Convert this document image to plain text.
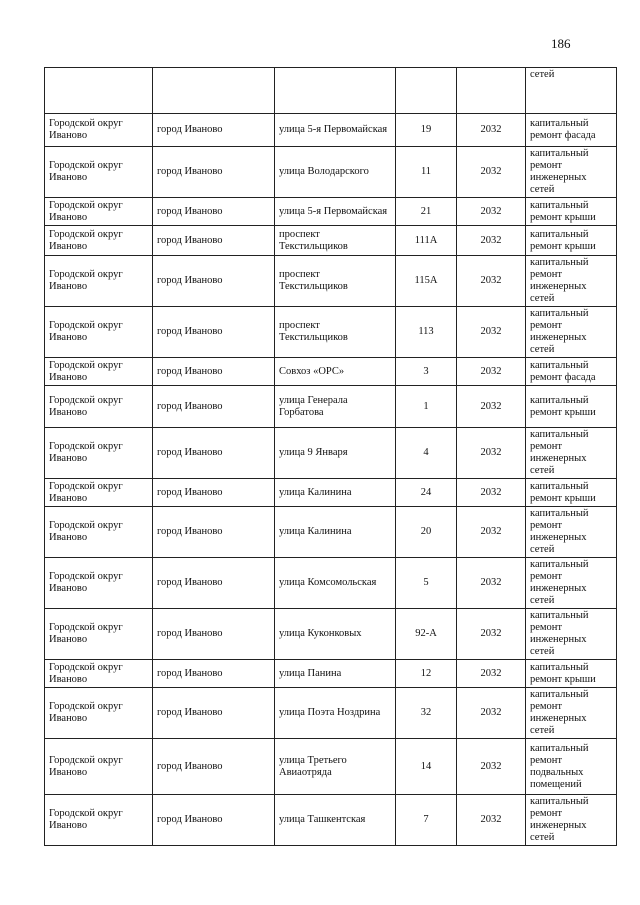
186
					сетей
Городской округ Иваново	город Иваново	улица 5-я Первомайская	19	2032	капитальный ремонт фасада
Городской округ Иваново	город Иваново	улица Володарского	11	2032	капитальный ремонт инженерных сетей
Городской округ Иваново	город Иваново	улица 5-я Первомайская	21	2032	капитальный ремонт крыши
Городской округ Иваново	город Иваново	проспект Текстильщиков	111А	2032	капитальный ремонт крыши
Городской округ Иваново	город Иваново	проспект Текстильщиков	115А	2032	капитальный ремонт инженерных сетей
Городской округ Иваново	город Иваново	проспект Текстильщиков	113	2032	капитальный ремонт инженерных сетей
Городской округ Иваново	город Иваново	Совхоз «ОРС»	3	2032	капитальный ремонт фасада
Городской округ Иваново	город Иваново	улица Генерала Горбатова	1	2032	капитальный ремонт крыши
Городской округ Иваново	город Иваново	улица 9 Января	4	2032	капитальный ремонт инженерных сетей
Городской округ Иваново	город Иваново	улица Калинина	24	2032	капитальный ремонт крыши
Городской округ Иваново	город Иваново	улица Калинина	20	2032	капитальный ремонт инженерных сетей
Городской округ Иваново	город Иваново	улица Комсомольская	5	2032	капитальный ремонт инженерных сетей
Городской округ Иваново	город Иваново	улица Куконковых	92-А	2032	капитальный ремонт инженерных сетей
Городской округ Иваново	город Иваново	улица Панина	12	2032	капитальный ремонт крыши
Городской округ Иваново	город Иваново	улица Поэта Ноздрина	32	2032	капитальный ремонт инженерных сетей
Городской округ Иваново	город Иваново	улица Третьего Авиаотряда	14	2032	капитальный ремонт подвальных помещений
Городской округ Иваново	город Иваново	улица Ташкентская	7	2032	капитальный ремонт инженерных сетей
